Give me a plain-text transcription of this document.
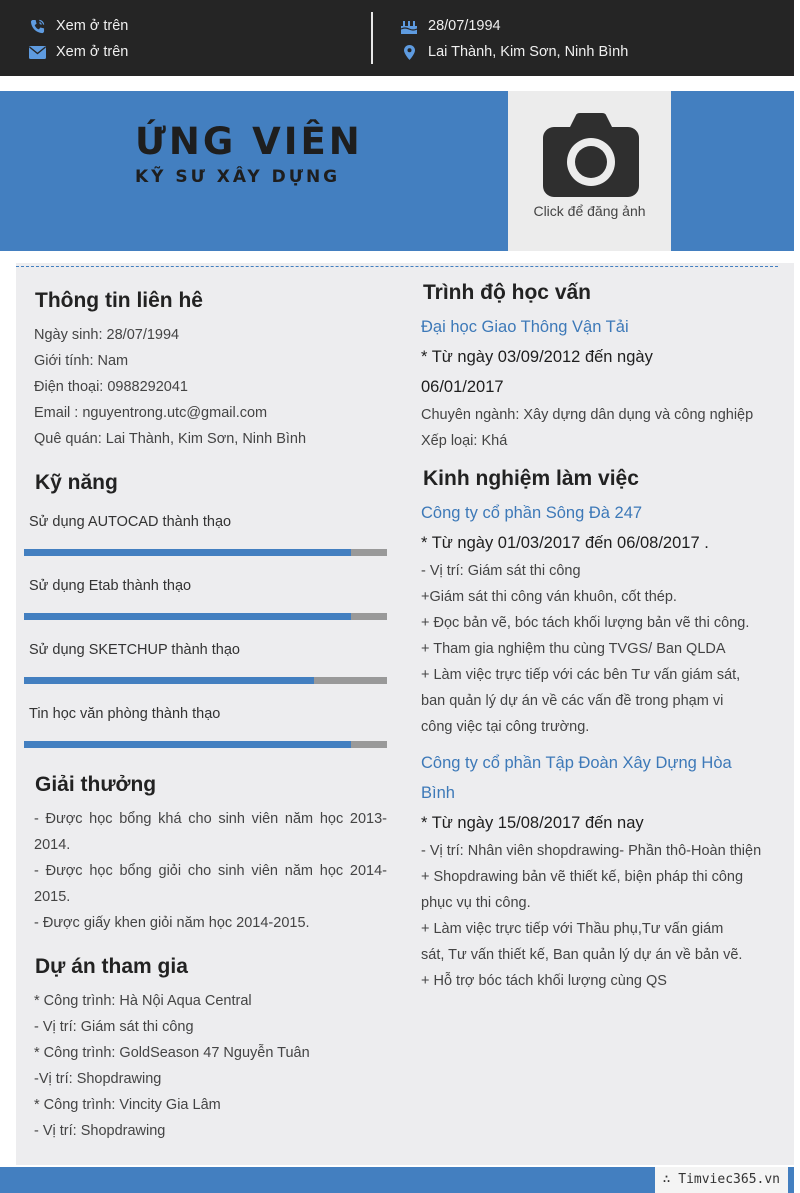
Xem ở trên
Xem ở trên
28/07/1994
Lai Thành, Kim Sơn, Ninh Bình
ỨNG VIÊN
KỸ SƯ XÂY DỰNG
Click để đăng ảnh
Thông tin liên hê
Ngày sinh: 28/07/1994
Giới tính: Nam
Điện thoại: 0988292041
Email : nguyentrong.utc@gmail.com
Quê quán: Lai Thành, Kim Sơn, Ninh Bình
Kỹ năng
Sử dụng AUTOCAD thành thạo
Sử dụng Etab thành thạo
Sử dụng SKETCHUP thành thạo
Tin học văn phòng thành thạo
Giải thưởng
- Được học bổng khá cho sinh viên năm học 2013-2014.
- Được học bổng giỏi cho sinh viên năm học 2014-2015.
- Được giấy khen giỏi năm học 2014-2015.
Dự án tham gia
* Công trình: Hà Nội Aqua Central
- Vị trí: Giám sát thi công
* Công trình: GoldSeason 47 Nguyễn Tuân
-Vị trí: Shopdrawing
* Công trình: Vincity Gia Lâm
- Vị trí: Shopdrawing
Trình độ học vấn
Đại học Giao Thông Vận Tải
* Từ ngày 03/09/2012 đến ngày
06/01/2017
Chuyên ngành: Xây dựng dân dụng và công nghiệp
Xếp loại: Khá
Kinh nghiệm làm việc
Công ty cổ phần Sông Đà 247
* Từ ngày 01/03/2017 đến 06/08/2017 .
- Vị trí: Giám sát thi công
+Giám sát thi công ván khuôn, cốt thép.
+ Đọc bản vẽ, bóc tách khối lượng bản vẽ thi công.
+ Tham gia nghiệm thu cùng TVGS/ Ban QLDA
+ Làm việc trực tiếp với các bên Tư vấn giám sát,
ban quản lý dự án về các vấn đề trong phạm vi
công việc tại công trường.
Công ty cổ phần Tập Đoàn Xây Dựng Hòa
Bình
* Từ ngày 15/08/2017 đến nay
- Vị trí: Nhân viên shopdrawing- Phần thô-Hoàn thiện
+ Shopdrawing bản vẽ thiết kế, biện pháp thi công
phục vụ thi công.
+ Làm việc trực tiếp với Thầu phụ,Tư vấn giám
sát, Tư vấn thiết kế, Ban quản lý dự án về bản vẽ.
+ Hỗ trợ bóc tách khối lượng cùng QS
∴ Timviec365.vn
